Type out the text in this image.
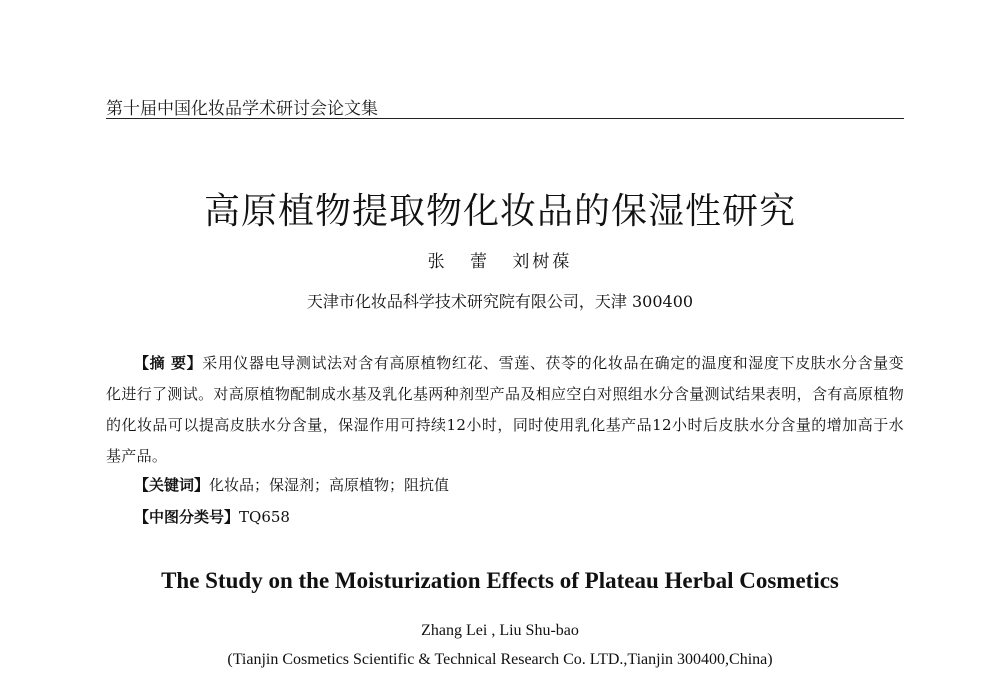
第十届中国化妆品学术研讨会论文集
高原植物提取物化妆品的保湿性研究
张 蕾 刘树葆
天津市化妆品科学技术研究院有限公司，天津 300400
【摘 要】采用仪器电导测试法对含有高原植物红花、雪莲、茯苓的化妆品在确定的温度和湿度下皮肤水分含量变化进行了测试。对高原植物配制成水基及乳化基两种剂型产品及相应空白对照组水分含量测试结果表明，含有高原植物的化妆品可以提高皮肤水分含量，保湿作用可持续12小时，同时使用乳化基产品12小时后皮肤水分含量的增加高于水基产品。
【关键词】化妆品；保湿剂；高原植物；阻抗值
【中图分类号】TQ658
The Study on the Moisturization Effects of Plateau Herbal Cosmetics
Zhang Lei , Liu Shu-bao
(Tianjin Cosmetics Scientific & Technical Research Co. LTD.,Tianjin 300400,China)
